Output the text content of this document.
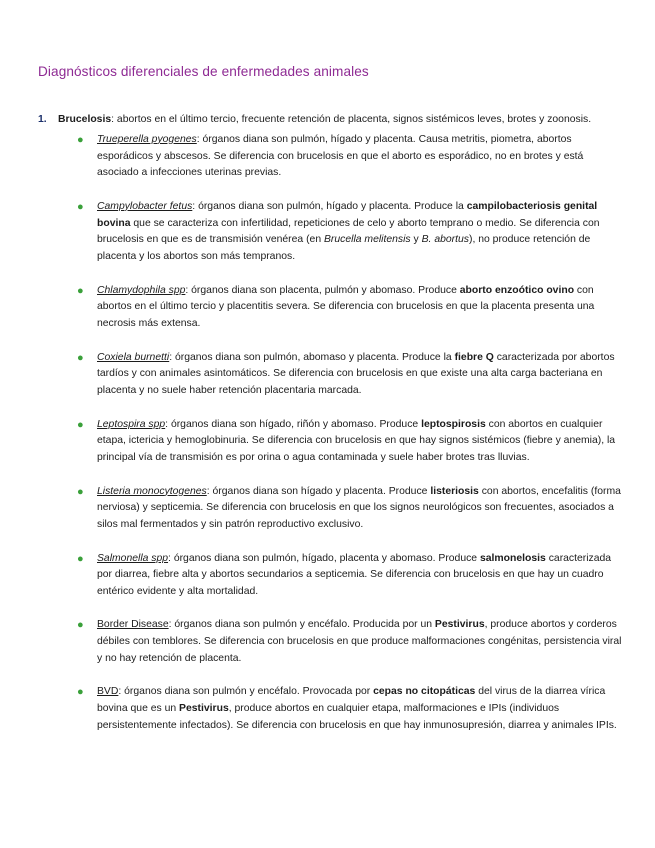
Diagnósticos diferenciales de enfermedades animales
1. Brucelosis: abortos en el último tercio, frecuente retención de placenta, signos sistémicos leves, brotes y zoonosis.
● Trueperella pyogenes: órganos diana son pulmón, hígado y placenta. Causa metritis, piometra, abortos esporádicos y abscesos. Se diferencia con brucelosis en que el aborto es esporádico, no en brotes y está asociado a infecciones uterinas previas.
● Campylobacter fetus: órganos diana son pulmón, hígado y placenta. Produce la campilobacteriosis genital bovina que se caracteriza con infertilidad, repeticiones de celo y aborto temprano o medio. Se diferencia con brucelosis en que es de transmisión venérea (en Brucella melitensis y B. abortus), no produce retención de placenta y los abortos son más tempranos.
● Chlamydophila spp: órganos diana son placenta, pulmón y abomaso. Produce aborto enzoótico ovino con abortos en el último tercio y placentitis severa. Se diferencia con brucelosis en que la placenta presenta una necrosis más extensa.
● Coxiela burnetti: órganos diana son pulmón, abomaso y placenta. Produce la fiebre Q caracterizada por abortos tardíos y con animales asintomáticos. Se diferencia con brucelosis en que existe una alta carga bacteriana en placenta y no suele haber retención placentaria marcada.
● Leptospira spp: órganos diana son hígado, riñón y abomaso. Produce leptospirosis con abortos en cualquier etapa, ictericia y hemoglobinuria. Se diferencia con brucelosis en que hay signos sistémicos (fiebre y anemia), la principal vía de transmisión es por orina o agua contaminada y suele haber brotes tras lluvias.
● Listeria monocytogenes: órganos diana son hígado y placenta. Produce listeriosis con abortos, encefalitis (forma nerviosa) y septicemia. Se diferencia con brucelosis en que los signos neurológicos son frecuentes, asociados a silos mal fermentados y sin patrón reproductivo exclusivo.
● Salmonella spp: órganos diana son pulmón, hígado, placenta y abomaso. Produce salmonelosis caracterizada por diarrea, fiebre alta y abortos secundarios a septicemia. Se diferencia con brucelosis en que hay un cuadro entérico evidente y alta mortalidad.
● Border Disease: órganos diana son pulmón y encéfalo. Producida por un Pestivirus, produce abortos y corderos débiles con temblores. Se diferencia con brucelosis en que produce malformaciones congénitas, persistencia viral y no hay retención de placenta.
● BVD: órganos diana son pulmón y encéfalo. Provocada por cepas no citopáticas del virus de la diarrea vírica bovina que es un Pestivirus, produce abortos en cualquier etapa, malformaciones e IPIs (individuos persistentemente infectados). Se diferencia con brucelosis en que hay inmunosupresión, diarrea y animales IPIs.
